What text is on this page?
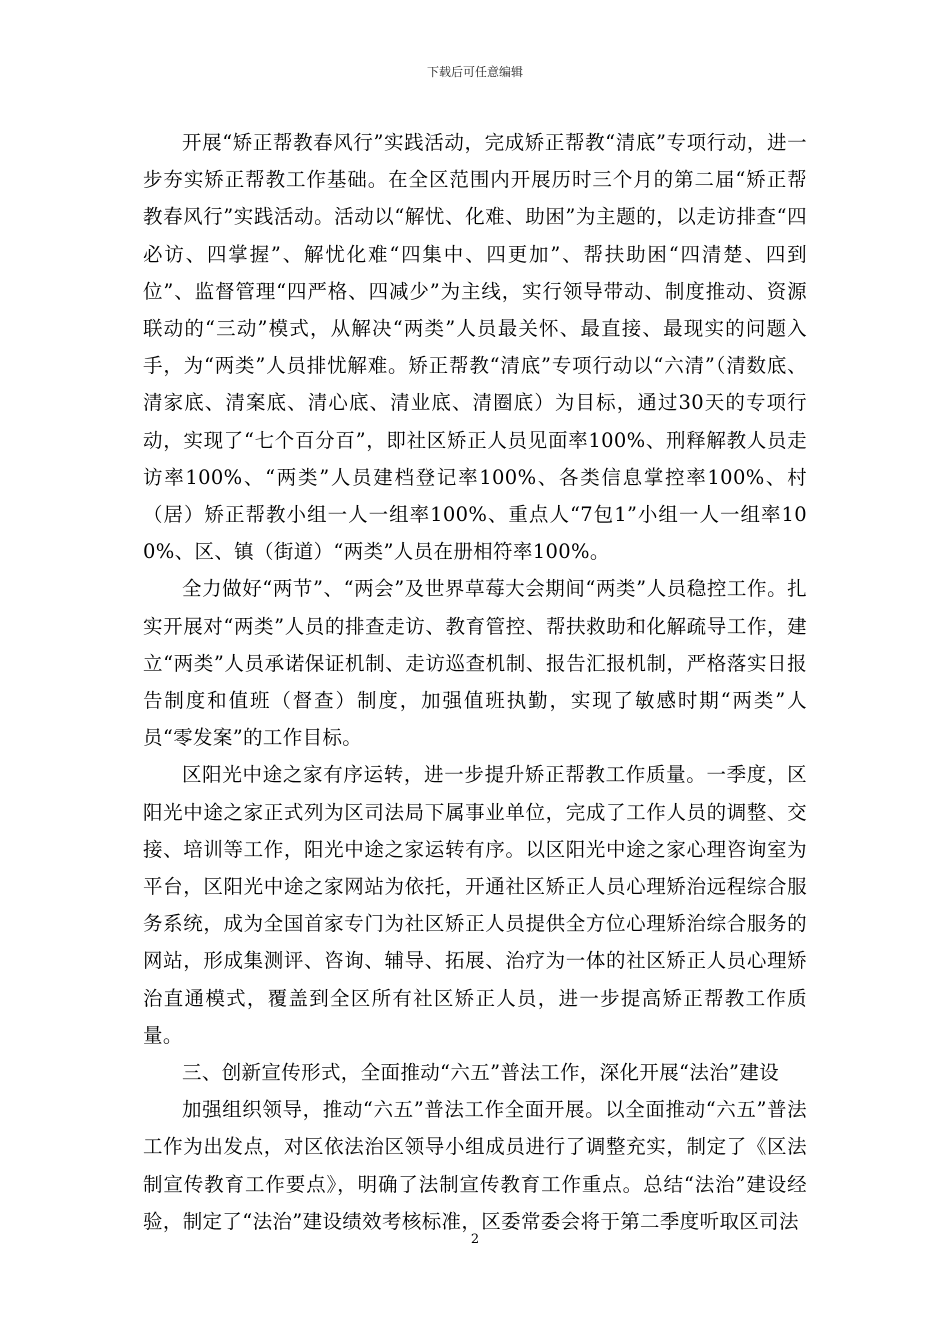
下载后可任意编辑

开展“矫正帮教春风行”实践活动，完成矫正帮教“清底”专项行动，进一步夯实矫正帮教工作基础。在全区范围内开展历时三个月的第二届“矫正帮教春风行”实践活动。活动以“解忧、化难、助困”为主题的，以走访排查“四必访、四掌握”、解忧化难“四集中、四更加”、帮扶助困“四清楚、四到位”、监督管理“四严格、四减少”为主线，实行领导带动、制度推动、资源联动的“三动”模式，从解决“两类”人员最关怀、最直接、最现实的问题入手，为“两类”人员排忧解难。矫正帮教“清底”专项行动以“六清”（清数底、清家底、清案底、清心底、清业底、清圈底）为目标，通过30天的专项行动，实现了“七个百分百”，即社区矫正人员见面率100%、刑释解教人员走访率100%、“两类”人员建档登记率100%、各类信息掌控率100%、村（居）矫正帮教小组一人一组率100%、重点人“7包1”小组一人一组率100%、区、镇（街道）“两类”人员在册相符率100%。

全力做好“两节”、“两会”及世界草莓大会期间“两类”人员稳控工作。扎实开展对“两类”人员的排查走访、教育管控、帮扶救助和化解疏导工作，建立“两类”人员承诺保证机制、走访巡查机制、报告汇报机制，严格落实日报告制度和值班（督查）制度，加强值班执勤，实现了敏感时期“两类”人员“零发案”的工作目标。

区阳光中途之家有序运转，进一步提升矫正帮教工作质量。一季度，区阳光中途之家正式列为区司法局下属事业单位，完成了工作人员的调整、交接、培训等工作，阳光中途之家运转有序。以区阳光中途之家心理咨询室为平台，区阳光中途之家网站为依托，开通社区矫正人员心理矫治远程综合服务系统，成为全国首家专门为社区矫正人员提供全方位心理矫治综合服务的网站，形成集测评、咨询、辅导、拓展、治疗为一体的社区矫正人员心理矫治直通模式，覆盖到全区所有社区矫正人员，进一步提高矫正帮教工作质量。

三、创新宣传形式，全面推动“六五”普法工作，深化开展“法治”建设

加强组织领导，推动“六五”普法工作全面开展。以全面推动“六五”普法工作为出发点，对区依法治区领导小组成员进行了调整充实，制定了《区法制宣传教育工作要点》，明确了法制宣传教育工作重点。总结“法治”建设经验，制定了“法治”建设绩效考核标准，区委常委会将于第二季度听取区司法

2
